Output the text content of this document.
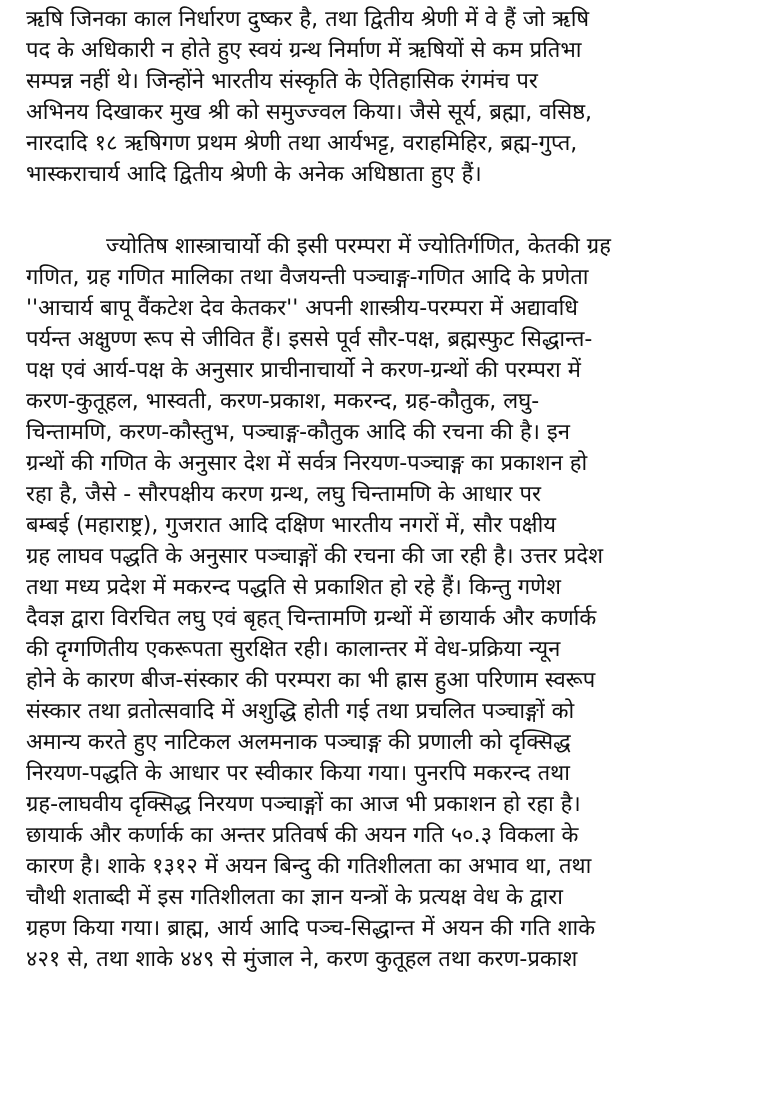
ऋषि जिनका काल निर्धारण दुष्कर है, तथा द्वितीय श्रेणी में वे हैं जो ऋषि
पद के अधिकारी न होते हुए स्वयं ग्रन्थ निर्माण में ऋषियों से कम प्रतिभा
सम्पन्न नहीं थे। जिन्होंने भारतीय संस्कृति के ऐतिहासिक रंगमंच पर
अभिनय दिखाकर मुख श्री को समुज्ज्वल किया। जैसे सूर्य, ब्रह्मा, वसिष्ठ,
नारदादि १८ ऋषिगण प्रथम श्रेणी तथा आर्यभट्ट, वराहमिहिर, ब्रह्म-गुप्त,
भास्कराचार्य आदि द्वितीय श्रेणी के अनेक अधिष्ठाता हुए हैं।
ज्योतिष शास्त्राचार्यो की इसी परम्परा में ज्योतिर्गणित, केतकी ग्रह
गणित, ग्रह गणित मालिका तथा वैजयन्ती पञ्चाङ्ग-गणित आदि के प्रणेता
''आचार्य बापू वैंकटेश देव केतकर'' अपनी शास्त्रीय-परम्परा में अद्यावधि
पर्यन्त अक्षुण्ण रूप से जीवित हैं। इससे पूर्व सौर-पक्ष, ब्रह्मस्फुट सिद्धान्त-
पक्ष एवं आर्य-पक्ष के अनुसार प्राचीनाचार्यो ने करण-ग्रन्थों की परम्परा में
करण-कुतूहल, भास्वती, करण-प्रकाश, मकरन्द, ग्रह-कौतुक, लघु-
चिन्तामणि, करण-कौस्तुभ, पञ्चाङ्ग-कौतुक आदि की रचना की है। इन
ग्रन्थों की गणित के अनुसार देश में सर्वत्र निरयण-पञ्चाङ्ग का प्रकाशन हो
रहा है, जैसे - सौरपक्षीय करण ग्रन्थ, लघु चिन्तामणि के आधार पर
बम्बई (महाराष्ट्र), गुजरात आदि दक्षिण भारतीय नगरों में, सौर पक्षीय
ग्रह लाघव पद्धति के अनुसार पञ्चाङ्गों की रचना की जा रही है। उत्तर प्रदेश
तथा मध्य प्रदेश में मकरन्द पद्धति से प्रकाशित हो रहे हैं। किन्तु गणेश
दैवज्ञ द्वारा विरचित लघु एवं बृहत् चिन्तामणि ग्रन्थों में छायार्क और कर्णार्क
की दृग्गणितीय एकरूपता सुरक्षित रही। कालान्तर में वेध-प्रक्रिया न्यून
होने के कारण बीज-संस्कार की परम्परा का भी ह्रास हुआ परिणाम स्वरूप
संस्कार तथा व्रतोत्सवादि में अशुद्धि होती गई तथा प्रचलित पञ्चाङ्गों को
अमान्य करते हुए नाटिकल अलमनाक पञ्चाङ्ग की प्रणाली को दृक्सिद्ध
निरयण-पद्धति के आधार पर स्वीकार किया गया। पुनरपि मकरन्द तथा
ग्रह-लाघवीय दृक्सिद्ध निरयण पञ्चाङ्गों का आज भी प्रकाशन हो रहा है।
छायार्क और कर्णार्क का अन्तर प्रतिवर्ष की अयन गति ५०.३ विकला के
कारण है। शाके १३१२ में अयन बिन्दु की गतिशीलता का अभाव था, तथा
चौथी शताब्दी में इस गतिशीलता का ज्ञान यन्त्रों के प्रत्यक्ष वेध के द्वारा
ग्रहण किया गया। ब्राह्म, आर्य आदि पञ्च-सिद्धान्त में अयन की गति शाके
४२१ से, तथा शाके ४४९ से मुंजाल ने, करण कुतूहल तथा करण-प्रकाश
